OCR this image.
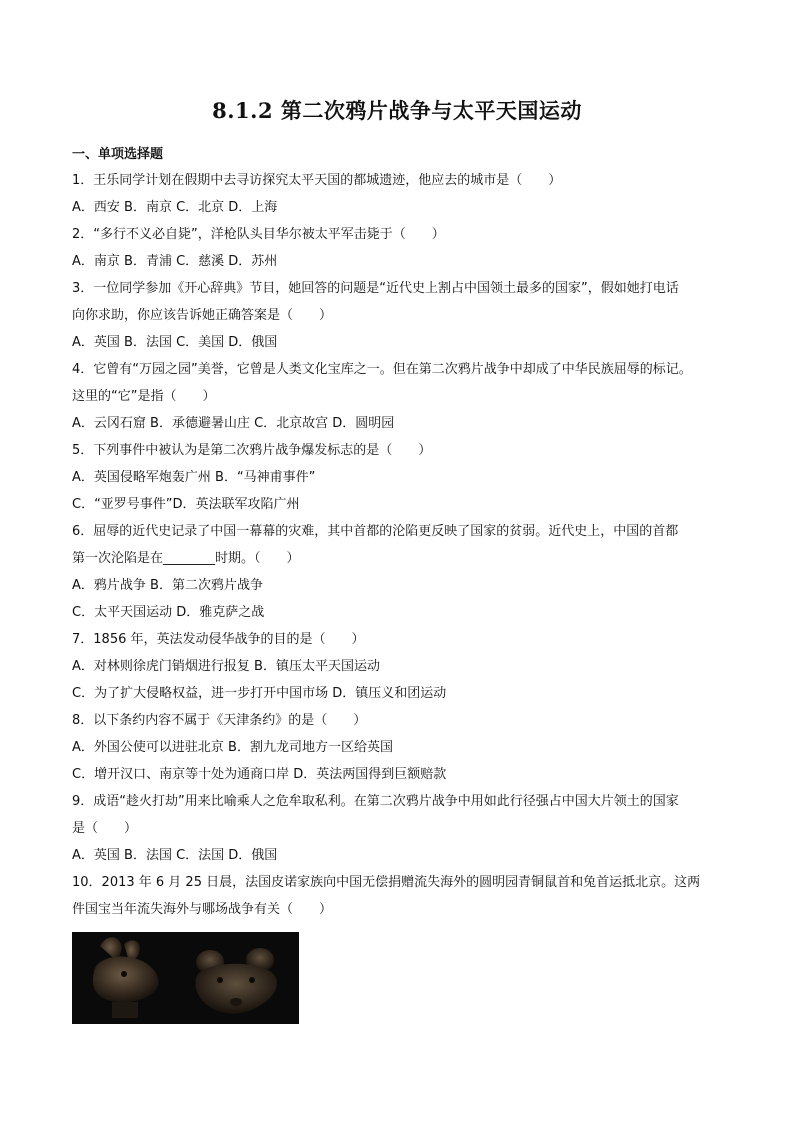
8.1.2 第二次鸦片战争与太平天国运动
一、单项选择题
1．王乐同学计划在假期中去寻访探究太平天国的都城遗迹，他应去的城市是（　　）
A．西安 B．南京 C．北京 D．上海
2．“多行不义必自毙”，洋枪队头目华尔被太平军击毙于（　　）
A．南京 B．青浦 C．慈溪 D．苏州
3．一位同学参加《开心辞典》节目，她回答的问题是“近代史上割占中国领土最多的国家”，假如她打电话
向你求助，你应该告诉她正确答案是（　　）
A．英国 B．法国 C．美国 D．俄国
4．它曾有“万园之园”美誉，它曾是人类文化宝库之一。但在第二次鸦片战争中却成了中华民族屈辱的标记。
这里的“它”是指（　　）
A．云冈石窟 B．承德避暑山庄 C．北京故宫 D．圆明园
5．下列事件中被认为是第二次鸦片战争爆发标志的是（　　）
A．英国侵略军炮轰广州 B．“马神甫事件”
C．“亚罗号事件”D．英法联军攻陷广州
6．屈辱的近代史记录了中国一幕幕的灾难，其中首都的沦陷更反映了国家的贫弱。近代史上，中国的首都
第一次沦陷是在________时期。（　　）
A．鸦片战争 B．第二次鸦片战争
C．太平天国运动 D．雅克萨之战
7．1856 年，英法发动侵华战争的目的是（　　）
A．对林则徐虎门销烟进行报复 B．镇压太平天国运动
C．为了扩大侵略权益，进一步打开中国市场 D．镇压义和团运动
8．以下条约内容不属于《天津条约》的是（　　）
A．外国公使可以进驻北京 B．割九龙司地方一区给英国
C．增开汉口、南京等十处为通商口岸 D．英法两国得到巨额赔款
9．成语“趁火打劫”用来比喻乘人之危牟取私利。在第二次鸦片战争中用如此行径强占中国大片领土的国家
是（　　）
A．英国 B．法国 C．法国 D．俄国
10．2013 年 6 月 25 日晨，法国皮诺家族向中国无偿捐赠流失海外的圆明园青铜鼠首和兔首运抵北京。这两
件国宝当年流失海外与哪场战争有关（　　）
